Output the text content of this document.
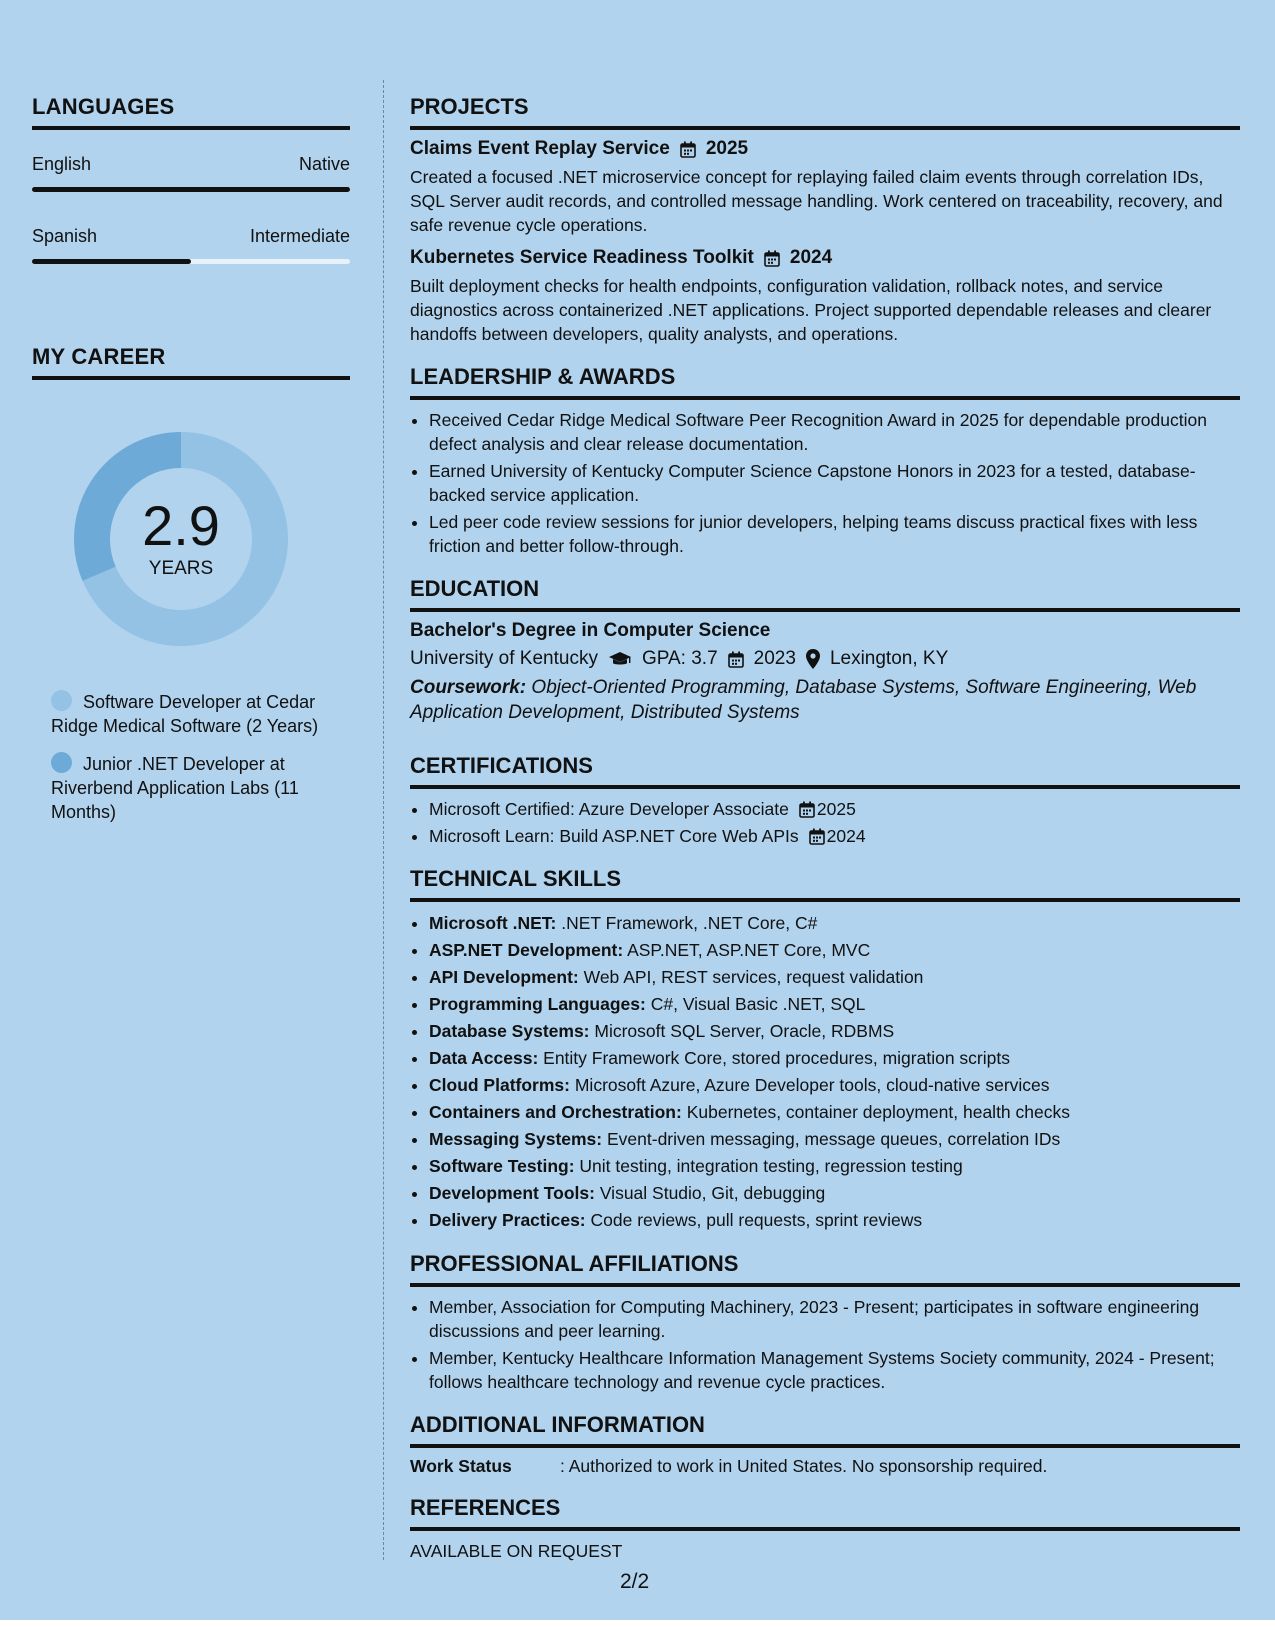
LANGUAGES
English	Native
Spanish	Intermediate
MY CAREER
2.9
YEARS
Software Developer at Cedar Ridge Medical Software (2 Years)
Junior .NET Developer at Riverbend Application Labs (11 Months)
PROJECTS
Claims Event Replay Service 2025
Created a focused .NET microservice concept for replaying failed claim events through correlation IDs, SQL Server audit records, and controlled message handling. Work centered on traceability, recovery, and safe revenue cycle operations.
Kubernetes Service Readiness Toolkit 2024
Built deployment checks for health endpoints, configuration validation, rollback notes, and service diagnostics across containerized .NET applications. Project supported dependable releases and clearer handoffs between developers, quality analysts, and operations.
LEADERSHIP & AWARDS
• Received Cedar Ridge Medical Software Peer Recognition Award in 2025 for dependable production defect analysis and clear release documentation.
• Earned University of Kentucky Computer Science Capstone Honors in 2023 for a tested, database-backed service application.
• Led peer code review sessions for junior developers, helping teams discuss practical fixes with less friction and better follow-through.
EDUCATION
Bachelor's Degree in Computer Science
University of Kentucky GPA: 3.7 2023 Lexington, KY
Coursework: Object-Oriented Programming, Database Systems, Software Engineering, Web Application Development, Distributed Systems
CERTIFICATIONS
• Microsoft Certified: Azure Developer Associate 2025
• Microsoft Learn: Build ASP.NET Core Web APIs 2024
TECHNICAL SKILLS
• Microsoft .NET: .NET Framework, .NET Core, C#
• ASP.NET Development: ASP.NET, ASP.NET Core, MVC
• API Development: Web API, REST services, request validation
• Programming Languages: C#, Visual Basic .NET, SQL
• Database Systems: Microsoft SQL Server, Oracle, RDBMS
• Data Access: Entity Framework Core, stored procedures, migration scripts
• Cloud Platforms: Microsoft Azure, Azure Developer tools, cloud-native services
• Containers and Orchestration: Kubernetes, container deployment, health checks
• Messaging Systems: Event-driven messaging, message queues, correlation IDs
• Software Testing: Unit testing, integration testing, regression testing
• Development Tools: Visual Studio, Git, debugging
• Delivery Practices: Code reviews, pull requests, sprint reviews
PROFESSIONAL AFFILIATIONS
• Member, Association for Computing Machinery, 2023 - Present; participates in software engineering discussions and peer learning.
• Member, Kentucky Healthcare Information Management Systems Society community, 2024 - Present; follows healthcare technology and revenue cycle practices.
ADDITIONAL INFORMATION
Work Status	: Authorized to work in United States. No sponsorship required.
REFERENCES
AVAILABLE ON REQUEST
2/2
